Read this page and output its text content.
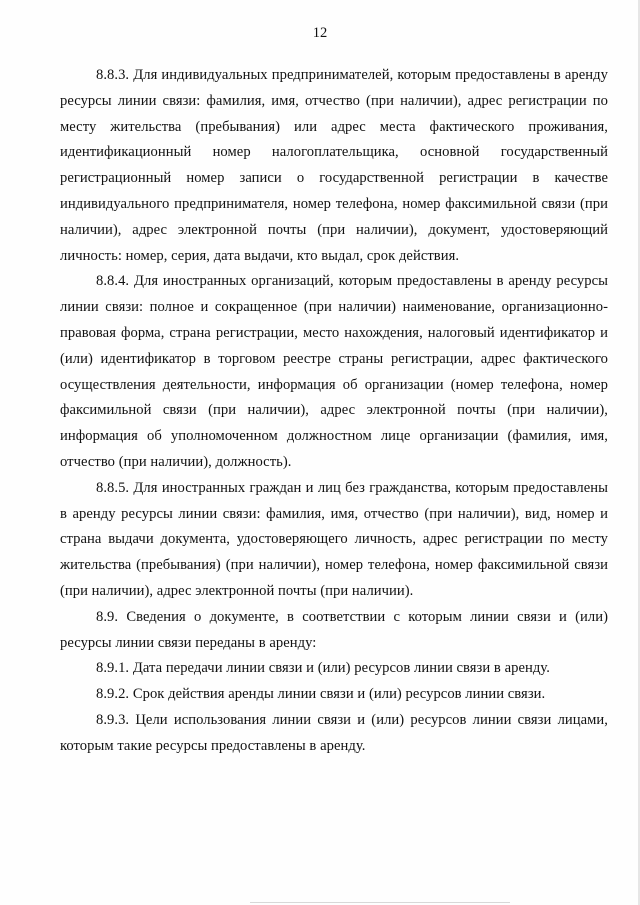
12

8.8.3. Для индивидуальных предпринимателей, которым предоставлены в аренду ресурсы линии связи: фамилия, имя, отчество (при наличии), адрес регистрации по месту жительства (пребывания) или адрес места фактического проживания, идентификационный номер налогоплательщика, основной государственный регистрационный номер записи о государственной регистрации в качестве индивидуального предпринимателя, номер телефона, номер факсимильной связи (при наличии), адрес электронной почты (при наличии), документ, удостоверяющий личность: номер, серия, дата выдачи, кто выдал, срок действия.

8.8.4. Для иностранных организаций, которым предоставлены в аренду ресурсы линии связи: полное и сокращенное (при наличии) наименование, организационно-правовая форма, страна регистрации, место нахождения, налоговый идентификатор и (или) идентификатор в торговом реестре страны регистрации, адрес фактического осуществления деятельности, информация об организации (номер телефона, номер факсимильной связи (при наличии), адрес электронной почты (при наличии), информация об уполномоченном должностном лице организации (фамилия, имя, отчество (при наличии), должность).

8.8.5. Для иностранных граждан и лиц без гражданства, которым предоставлены в аренду ресурсы линии связи: фамилия, имя, отчество (при наличии), вид, номер и страна выдачи документа, удостоверяющего личность, адрес регистрации по месту жительства (пребывания) (при наличии), номер телефона, номер факсимильной связи (при наличии), адрес электронной почты (при наличии).

8.9. Сведения о документе, в соответствии с которым линии связи и (или) ресурсы линии связи переданы в аренду:

8.9.1. Дата передачи линии связи и (или) ресурсов линии связи в аренду.

8.9.2. Срок действия аренды линии связи и (или) ресурсов линии связи.

8.9.3. Цели использования линии связи и (или) ресурсов линии связи лицами, которым такие ресурсы предоставлены в аренду.
